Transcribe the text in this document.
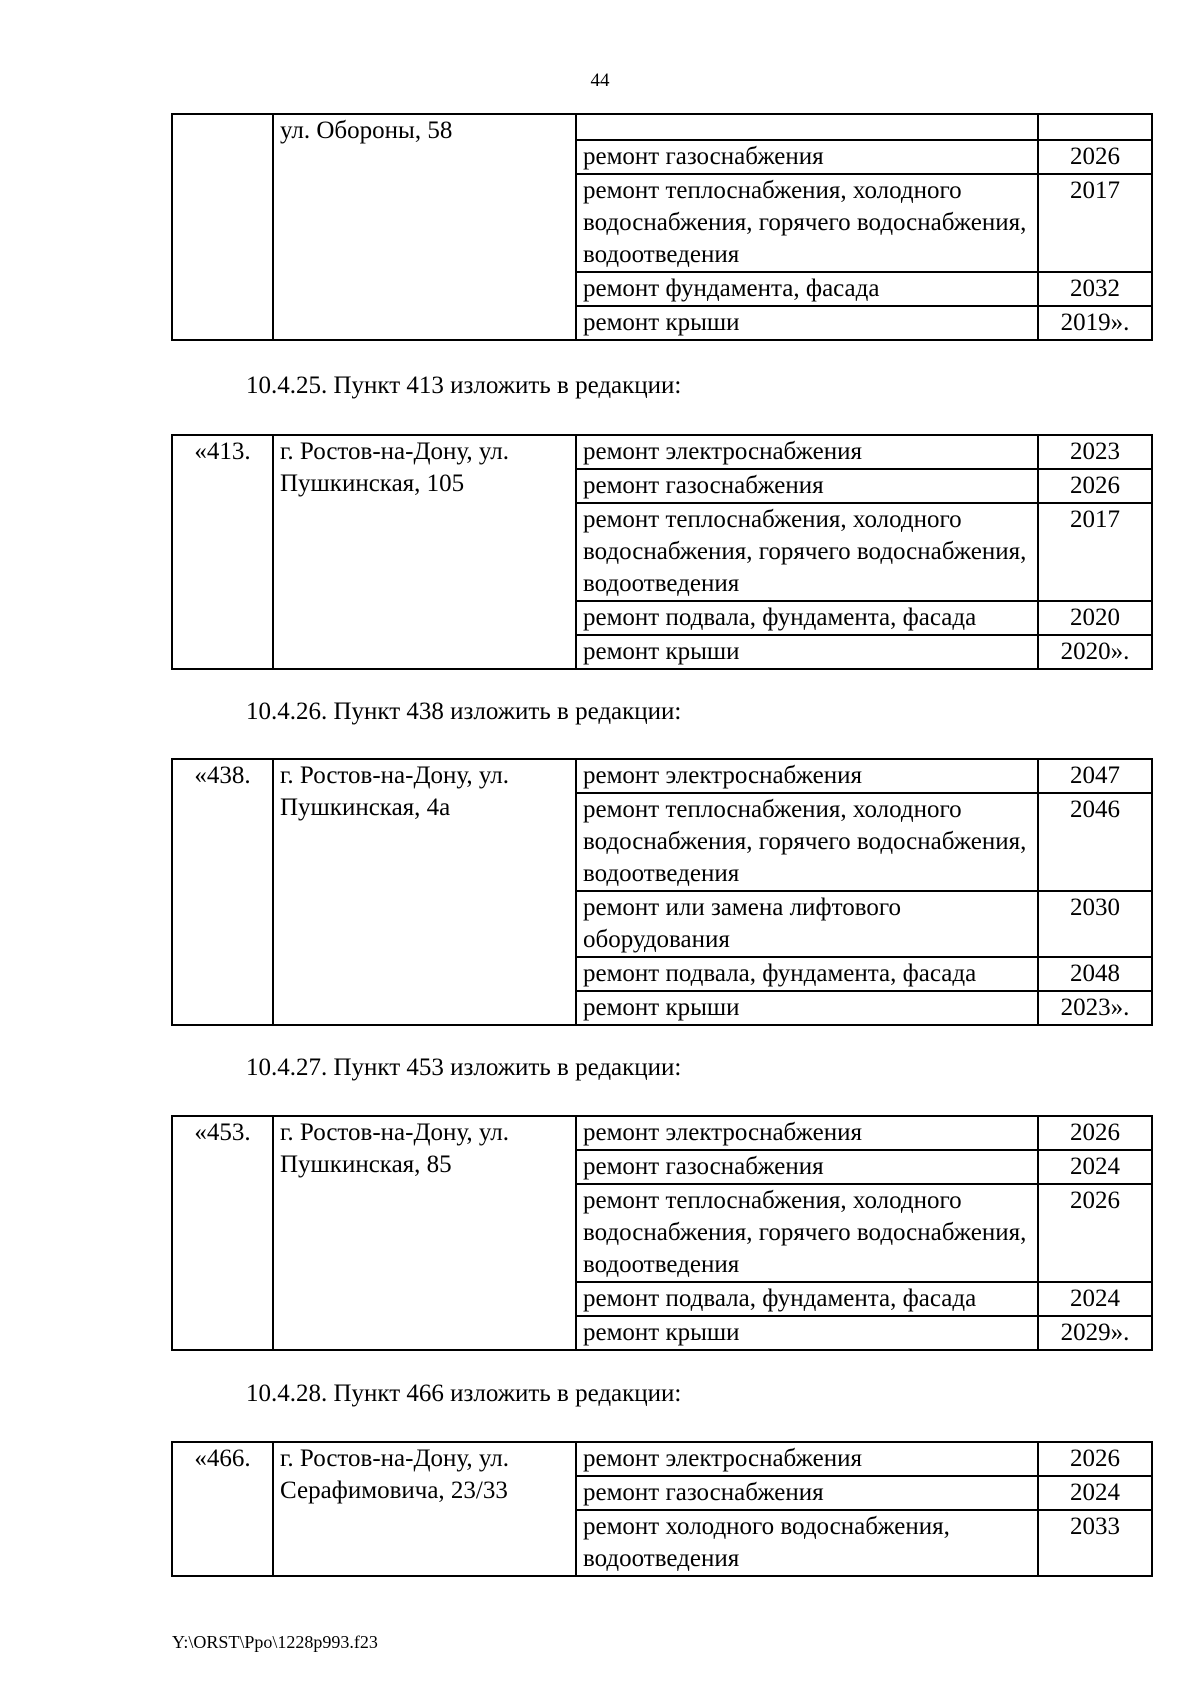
44
	ул. Обороны, 58		
		ремонт газоснабжения	2026
		ремонт теплоснабжения, холодного водоснабжения, горячего водоснабжения, водоотведения	2017
		ремонт фундамента, фасада	2032
		ремонт крыши	2019».
10.4.25. Пункт 413 изложить в редакции:
«413.	г. Ростов-на-Дону, ул. Пушкинская, 105	ремонт электроснабжения	2023
		ремонт газоснабжения	2026
		ремонт теплоснабжения, холодного водоснабжения, горячего водоснабжения, водоотведения	2017
		ремонт подвала, фундамента, фасада	2020
		ремонт крыши	2020».
10.4.26. Пункт 438 изложить в редакции:
«438.	г. Ростов-на-Дону, ул. Пушкинская, 4а	ремонт электроснабжения	2047
		ремонт теплоснабжения, холодного водоснабжения, горячего водоснабжения, водоотведения	2046
		ремонт или замена лифтового оборудования	2030
		ремонт подвала, фундамента, фасада	2048
		ремонт крыши	2023».
10.4.27. Пункт 453 изложить в редакции:
«453.	г. Ростов-на-Дону, ул. Пушкинская, 85	ремонт электроснабжения	2026
		ремонт газоснабжения	2024
		ремонт теплоснабжения, холодного водоснабжения, горячего водоснабжения, водоотведения	2026
		ремонт подвала, фундамента, фасада	2024
		ремонт крыши	2029».
10.4.28. Пункт 466 изложить в редакции:
«466.	г. Ростов-на-Дону, ул. Серафимовича, 23/33	ремонт электроснабжения	2026
		ремонт газоснабжения	2024
		ремонт холодного водоснабжения, водоотведения	2033
Y:\ORST\Ppo\1228p993.f23
